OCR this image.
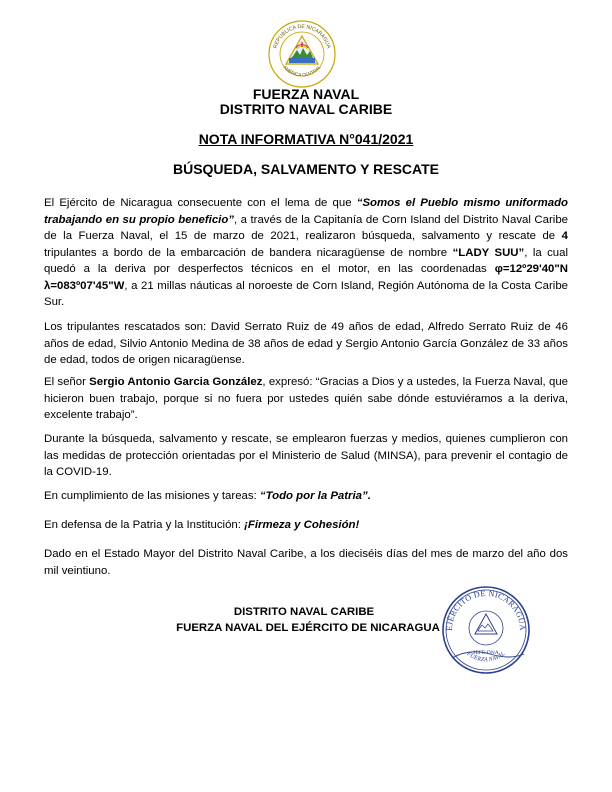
REPÚBLICA DE NICARAGUA
AMÉRICA CENTRAL
FUERZA NAVAL
DISTRITO NAVAL CARIBE
NOTA INFORMATIVA N°041/2021
BÚSQUEDA, SALVAMENTO Y RESCATE
El Ejército de Nicaragua consecuente con el lema de que “Somos el Pueblo mismo uniformado trabajando en su propio beneficio”, a través de la Capitanía de Corn Island del Distrito Naval Caribe de la Fuerza Naval, el 15 de marzo de 2021, realizaron búsqueda, salvamento y rescate de 4 tripulantes a bordo de la embarcación de bandera nicaragüense de nombre “LADY SUU”, la cual quedó a la deriva por desperfectos técnicos en el motor, en las coordenadas φ=12º29'40"N λ=083º07'45"W, a 21 millas náuticas al noroeste de Corn Island, Región Autónoma de la Costa Caribe Sur.
Los tripulantes rescatados son: David Serrato Ruiz de 49 años de edad, Alfredo Serrato Ruiz de 46 años de edad, Silvio Antonio Medina de 38 años de edad y Sergio Antonio García González de 33 años de edad, todos de origen nicaragüense.
El señor Sergio Antonio Garcia González, expresó: “Gracias a Dios y a ustedes, la Fuerza Naval, que hicieron buen trabajo, porque si no fuera por ustedes quién sabe dónde estuviéramos a la deriva, excelente trabajo”.
Durante la búsqueda, salvamento y rescate, se emplearon fuerzas y medios, quienes cumplieron con las medidas de protección orientadas por el Ministerio de Salud (MINSA), para prevenir el contagio de la COVID-19.
En cumplimiento de las misiones y tareas: “Todo por la Patria”.
En defensa de la Patria y la Institución: ¡Firmeza y Cohesión!
Dado en el Estado Mayor del Distrito Naval Caribe, a los dieciséis días del mes de marzo del año dos mil veintiuno.
DISTRITO NAVAL CARIBE
FUERZA NAVAL DEL EJÉRCITO DE NICARAGUA EJÉRCITO DE NICARAGUA
JEFE DNA
FUERZA NAVAL
